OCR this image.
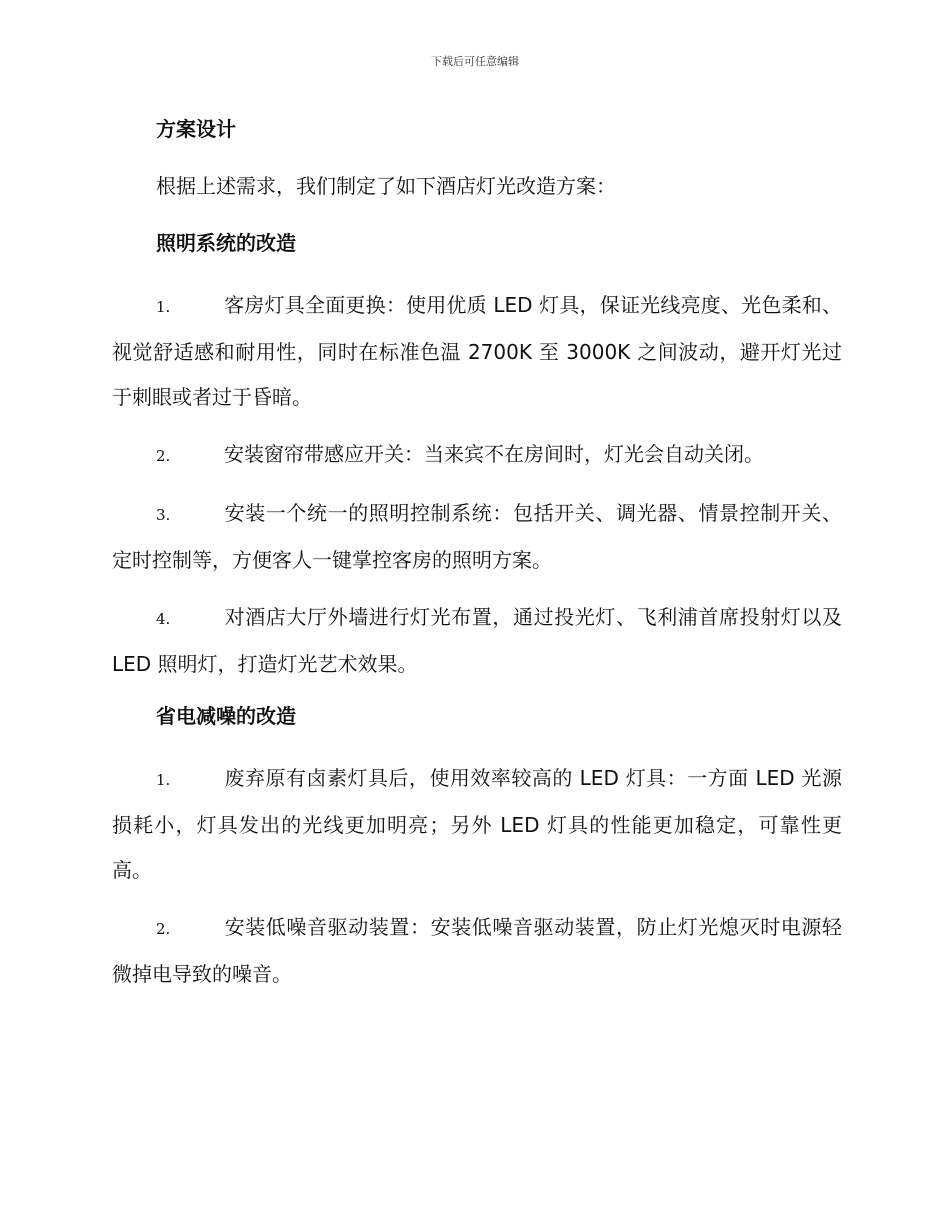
下载后可任意编辑

方案设计

根据上述需求，我们制定了如下酒店灯光改造方案：

照明系统的改造

1.	客房灯具全面更换：使用优质 LED 灯具，保证光线亮度、光色柔和、视觉舒适感和耐用性，同时在标准色温 2700K 至 3000K 之间波动，避开灯光过于刺眼或者过于昏暗。

2.	安装窗帘带感应开关：当来宾不在房间时，灯光会自动关闭。

3.	安装一个统一的照明控制系统：包括开关、调光器、情景控制开关、定时控制等，方便客人一键掌控客房的照明方案。

4.	对酒店大厅外墙进行灯光布置，通过投光灯、飞利浦首席投射灯以及 LED 照明灯，打造灯光艺术效果。

省电减噪的改造

1.	废弃原有卤素灯具后，使用效率较高的 LED 灯具：一方面 LED 光源损耗小，灯具发出的光线更加明亮；另外 LED 灯具的性能更加稳定，可靠性更高。

2.	安装低噪音驱动装置：安装低噪音驱动装置，防止灯光熄灭时电源轻微掉电导致的噪音。
